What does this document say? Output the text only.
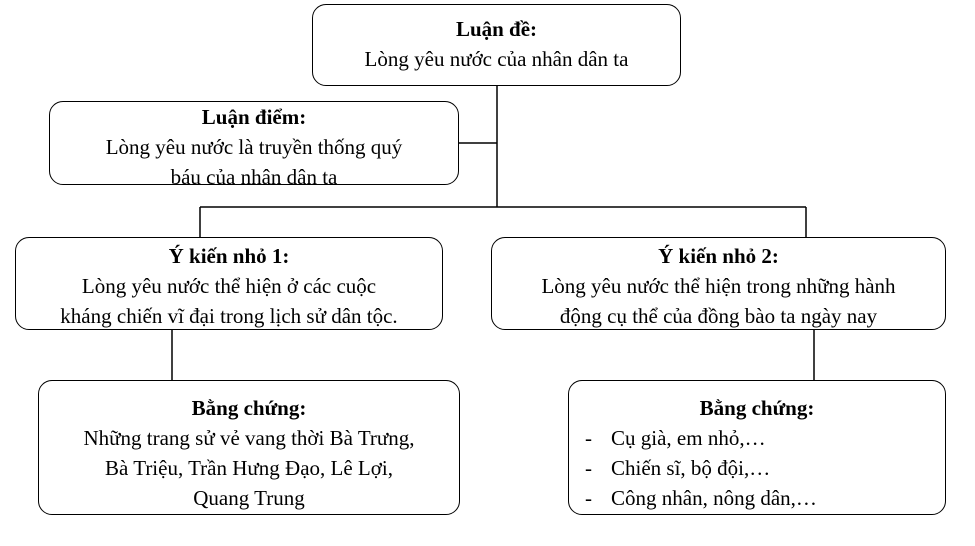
Luận đề:
Lòng yêu nước của nhân dân ta
Luận điểm:
Lòng yêu nước là truyền thống quý
báu của nhân dân ta
Ý kiến nhỏ 1:
Lòng yêu nước thể hiện ở các cuộc
kháng chiến vĩ đại trong lịch sử dân tộc.
Ý kiến nhỏ 2:
Lòng yêu nước thể hiện trong những hành
động cụ thể của đồng bào ta ngày nay
Bằng chứng:
Những trang sử vẻ vang thời Bà Trưng,
Bà Triệu, Trần Hưng Đạo, Lê Lợi,
Quang Trung
Bằng chứng:
- Cụ già, em nhỏ,…
- Chiến sĩ, bộ đội,…
- Công nhân, nông dân,…
